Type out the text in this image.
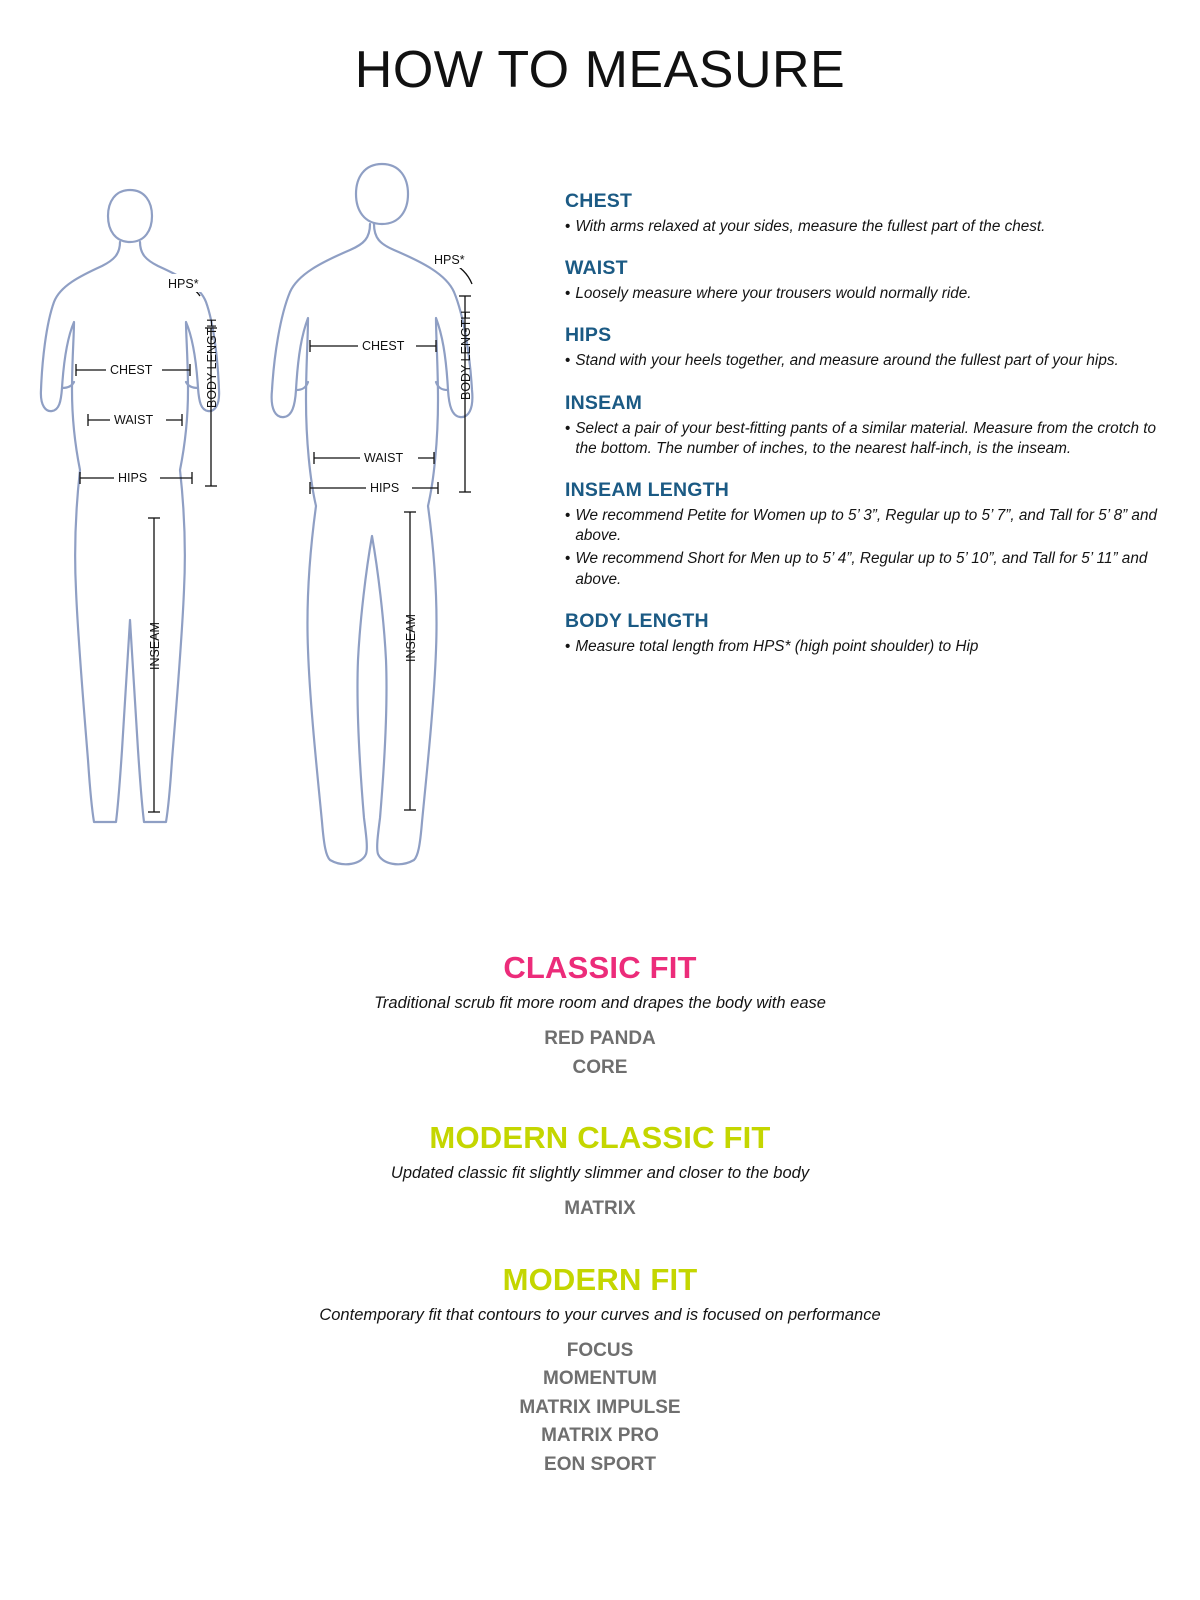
HOW TO MEASURE
HPS*
CHEST
WAIST
HIPS
BODY LENGTH
INSEAM
HPS*
CHEST
WAIST
HIPS
BODY LENGTH
INSEAM
CHEST
• With arms relaxed at your sides, measure the fullest part of the chest.
WAIST
• Loosely measure where your trousers would normally ride.
HIPS
• Stand with your heels together, and measure around the fullest part of your hips.
INSEAM
• Select a pair of your best-fitting pants of a similar material. Measure from the crotch to the bottom. The number of inches, to the nearest half-inch, is the inseam.
INSEAM LENGTH
• We recommend Petite for Women up to 5’ 3”, Regular up to 5’ 7”, and Tall for 5’ 8” and above.
• We recommend Short for Men up to 5’ 4”, Regular up to 5’ 10”, and Tall for 5’ 11” and above.
BODY LENGTH
• Measure total length from HPS* (high point shoulder) to Hip
CLASSIC FIT
Traditional scrub fit more room and drapes the body with ease
RED PANDA
CORE
MODERN CLASSIC FIT
Updated classic fit slightly slimmer and closer to the body
MATRIX
MODERN FIT
Contemporary fit that contours to your curves and is focused on performance
FOCUS
MOMENTUM
MATRIX IMPULSE
MATRIX PRO
EON SPORT
